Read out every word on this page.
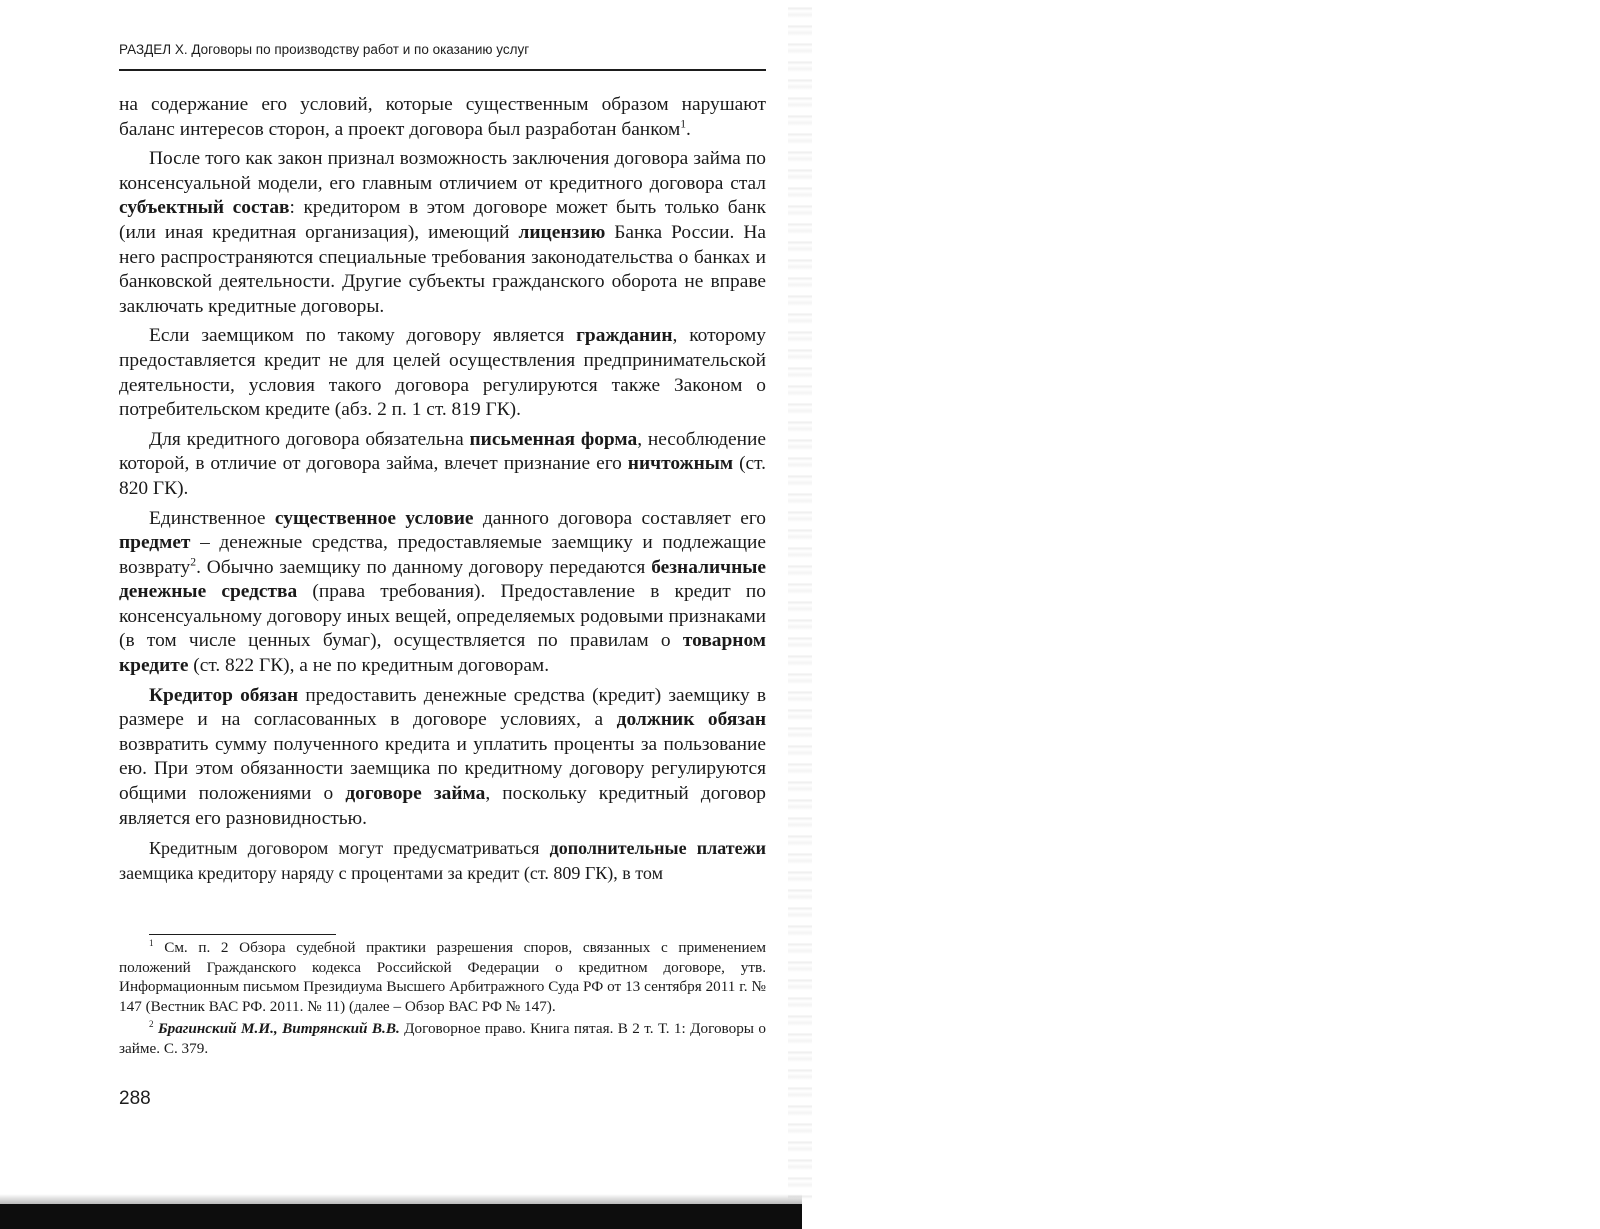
РАЗДЕЛ X. Договоры по производству работ и по оказанию услуг

на содержание его условий, которые существенным образом нарушают баланс интересов сторон, а проект договора был разработан банком$^1$.

После того как закон признал возможность заключения договора займа по консенсуальной модели, его главным отличием от кредитного договора стал субъектный состав: кредитором в этом договоре может быть только банк (или иная кредитная организация), имеющий лицензию Банка России. На него распространяются специальные требования законодательства о банках и банковской деятельности. Другие субъекты гражданского оборота не вправе заключать кредитные договоры.

Если заемщиком по такому договору является гражданин, которому предоставляется кредит не для целей осуществления предпринимательской деятельности, условия такого договора регулируются также Законом о потребительском кредите (абз. 2 п. 1 ст. 819 ГК).

Для кредитного договора обязательна письменная форма, несоблюдение которой, в отличие от договора займа, влечет признание его ничтожным (ст. 820 ГК).

Единственное существенное условие данного договора составляет его предмет – денежные средства, предоставляемые заемщику и подлежащие возврату$^2$. Обычно заемщику по данному договору передаются безналичные денежные средства (права требования). Предоставление в кредит по консенсуальному договору иных вещей, определяемых родовыми признаками (в том числе ценных бумаг), осуществляется по правилам о товарном кредите (ст. 822 ГК), а не по кредитным договорам.

Кредитор обязан предоставить денежные средства (кредит) заемщику в размере и на согласованных в договоре условиях, а должник обязан возвратить сумму полученного кредита и уплатить проценты за пользование ею. При этом обязанности заемщика по кредитному договору регулируются общими положениями о договоре займа, поскольку кредитный договор является его разновидностью.

Кредитным договором могут предусматриваться дополнительные платежи заемщика кредитору наряду с процентами за кредит (ст. 809 ГК), в том

$^1$ См. п. 2 Обзора судебной практики разрешения споров, связанных с применением положений Гражданского кодекса Российской Федерации о кредитном договоре, утв. Информационным письмом Президиума Высшего Арбитражного Суда РФ от 13 сентября 2011 г. № 147 (Вестник ВАС РФ. 2011. № 11) (далее – Обзор ВАС РФ № 147).

$^2$ Брагинский М.И., Витрянский В.В. Договорное право. Книга пятая. В 2 т. Т. 1: Договоры о займе. С. 379.

288
